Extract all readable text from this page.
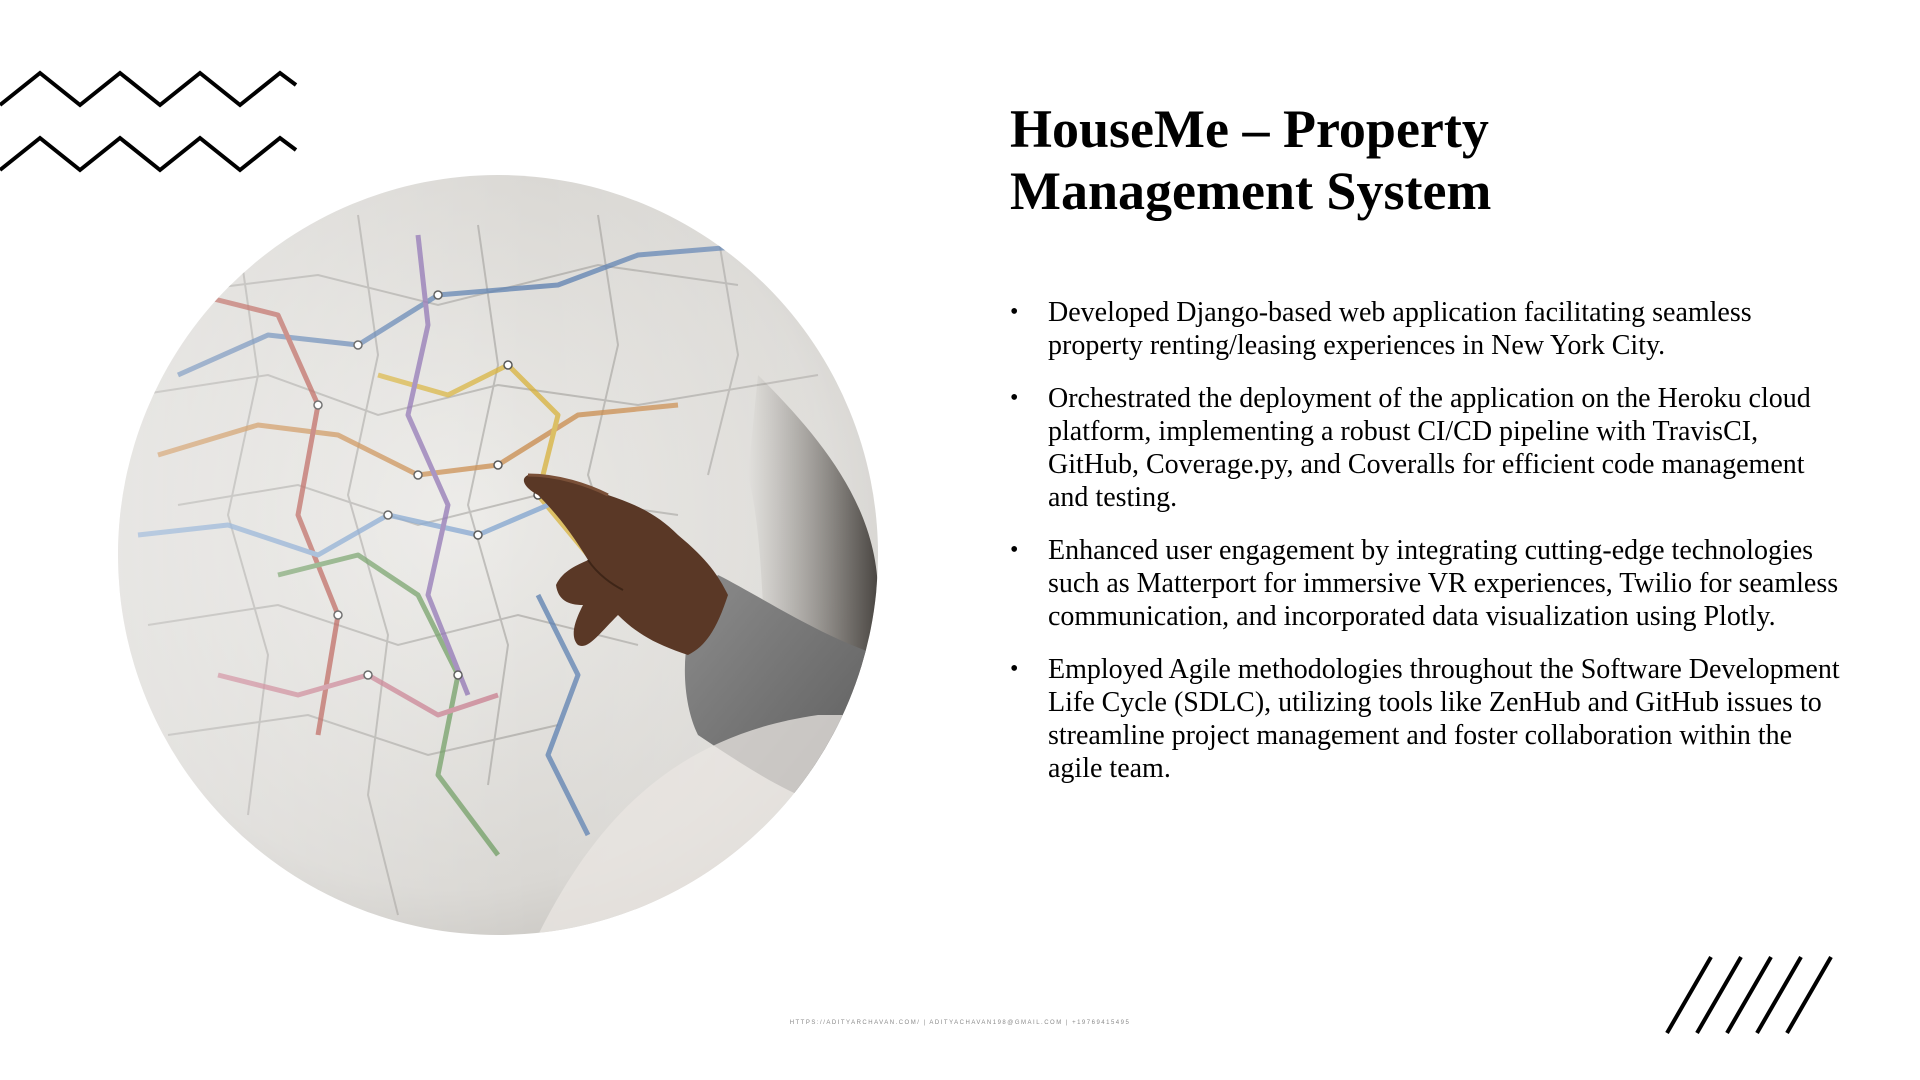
HouseMe – Property
Management System
• Developed Django-based web application facilitating seamless property renting/leasing experiences in New York City.
• Orchestrated the deployment of the application on the Heroku cloud platform, implementing a robust CI/CD pipeline with TravisCI, GitHub, Coverage.py, and Coveralls for efficient code management and testing.
• Enhanced user engagement by integrating cutting-edge technologies such as Matterport for immersive VR experiences, Twilio for seamless communication, and incorporated data visualization using Plotly.
• Employed Agile methodologies throughout the Software Development Life Cycle (SDLC), utilizing tools like ZenHub and GitHub issues to streamline project management and foster collaboration within the agile team.
HTTPS://ADITYARCHAVAN.COM/ | ADITYACHAVAN198@GMAIL.COM | +19769415495
